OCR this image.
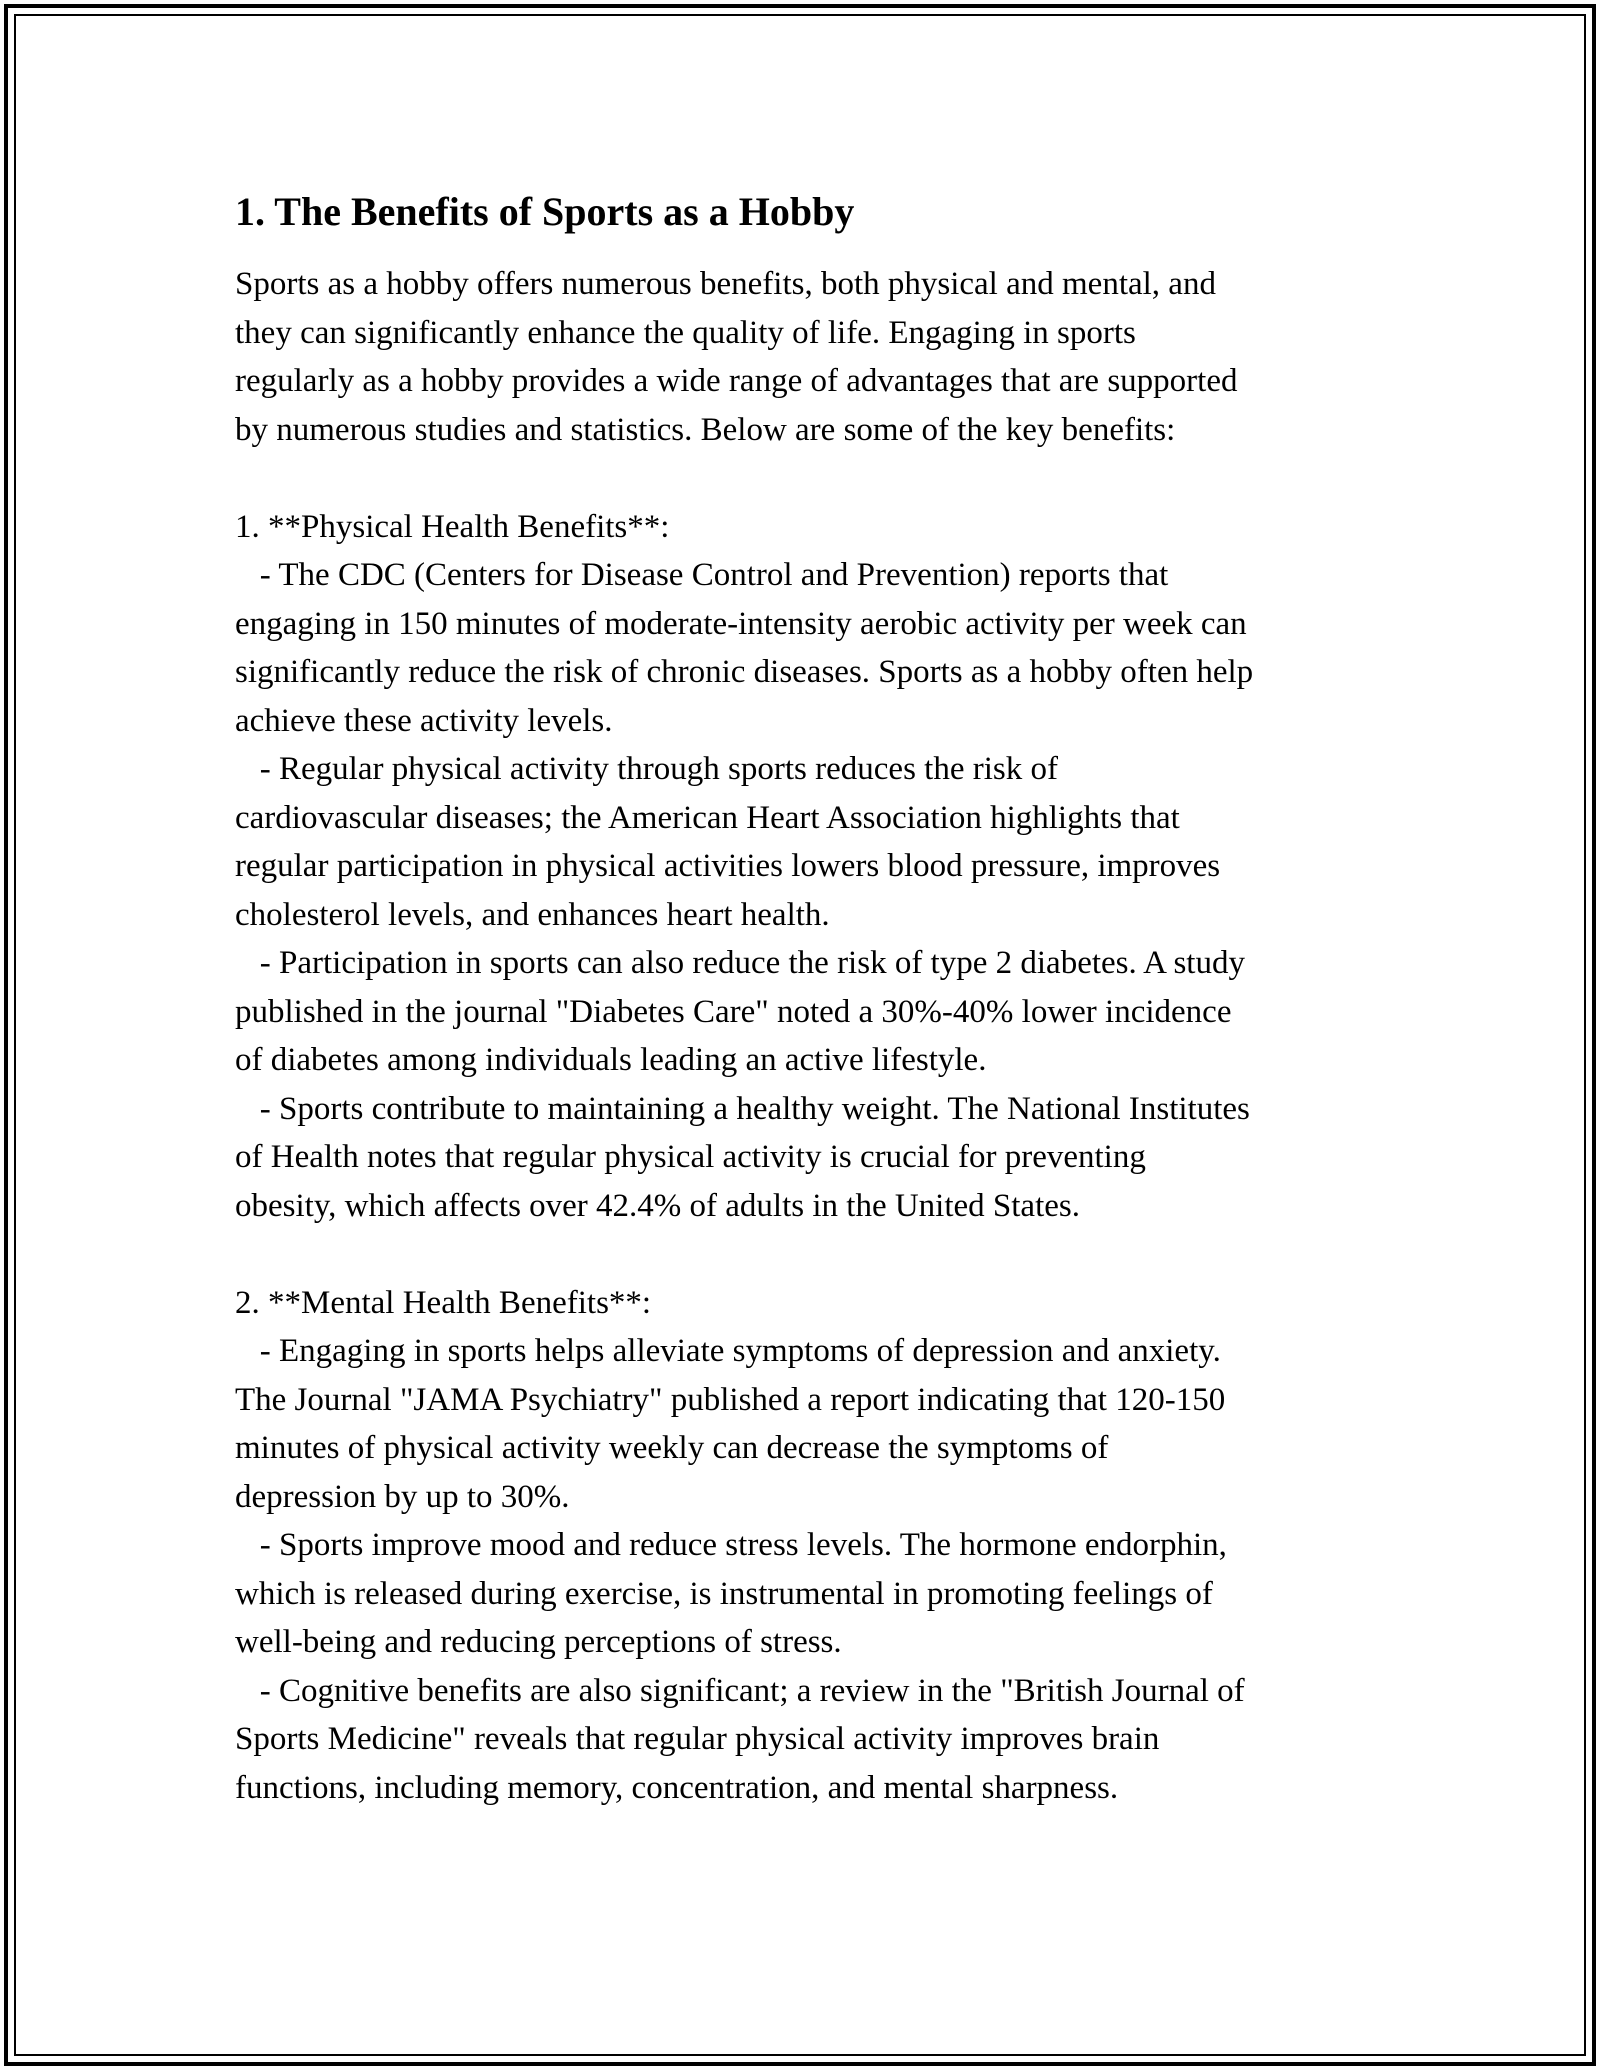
1. The Benefits of Sports as a Hobby
Sports as a hobby offers numerous benefits, both physical and mental, and
they can significantly enhance the quality of life. Engaging in sports
regularly as a hobby provides a wide range of advantages that are supported
by numerous studies and statistics. Below are some of the key benefits:
1. **Physical Health Benefits**:
- The CDC (Centers for Disease Control and Prevention) reports that
engaging in 150 minutes of moderate-intensity aerobic activity per week can
significantly reduce the risk of chronic diseases. Sports as a hobby often help
achieve these activity levels.
- Regular physical activity through sports reduces the risk of
cardiovascular diseases; the American Heart Association highlights that
regular participation in physical activities lowers blood pressure, improves
cholesterol levels, and enhances heart health.
- Participation in sports can also reduce the risk of type 2 diabetes. A study
published in the journal "Diabetes Care" noted a 30%-40% lower incidence
of diabetes among individuals leading an active lifestyle.
- Sports contribute to maintaining a healthy weight. The National Institutes
of Health notes that regular physical activity is crucial for preventing
obesity, which affects over 42.4% of adults in the United States.
2. **Mental Health Benefits**:
- Engaging in sports helps alleviate symptoms of depression and anxiety.
The Journal "JAMA Psychiatry" published a report indicating that 120-150
minutes of physical activity weekly can decrease the symptoms of
depression by up to 30%.
- Sports improve mood and reduce stress levels. The hormone endorphin,
which is released during exercise, is instrumental in promoting feelings of
well-being and reducing perceptions of stress.
- Cognitive benefits are also significant; a review in the "British Journal of
Sports Medicine" reveals that regular physical activity improves brain
functions, including memory, concentration, and mental sharpness.
